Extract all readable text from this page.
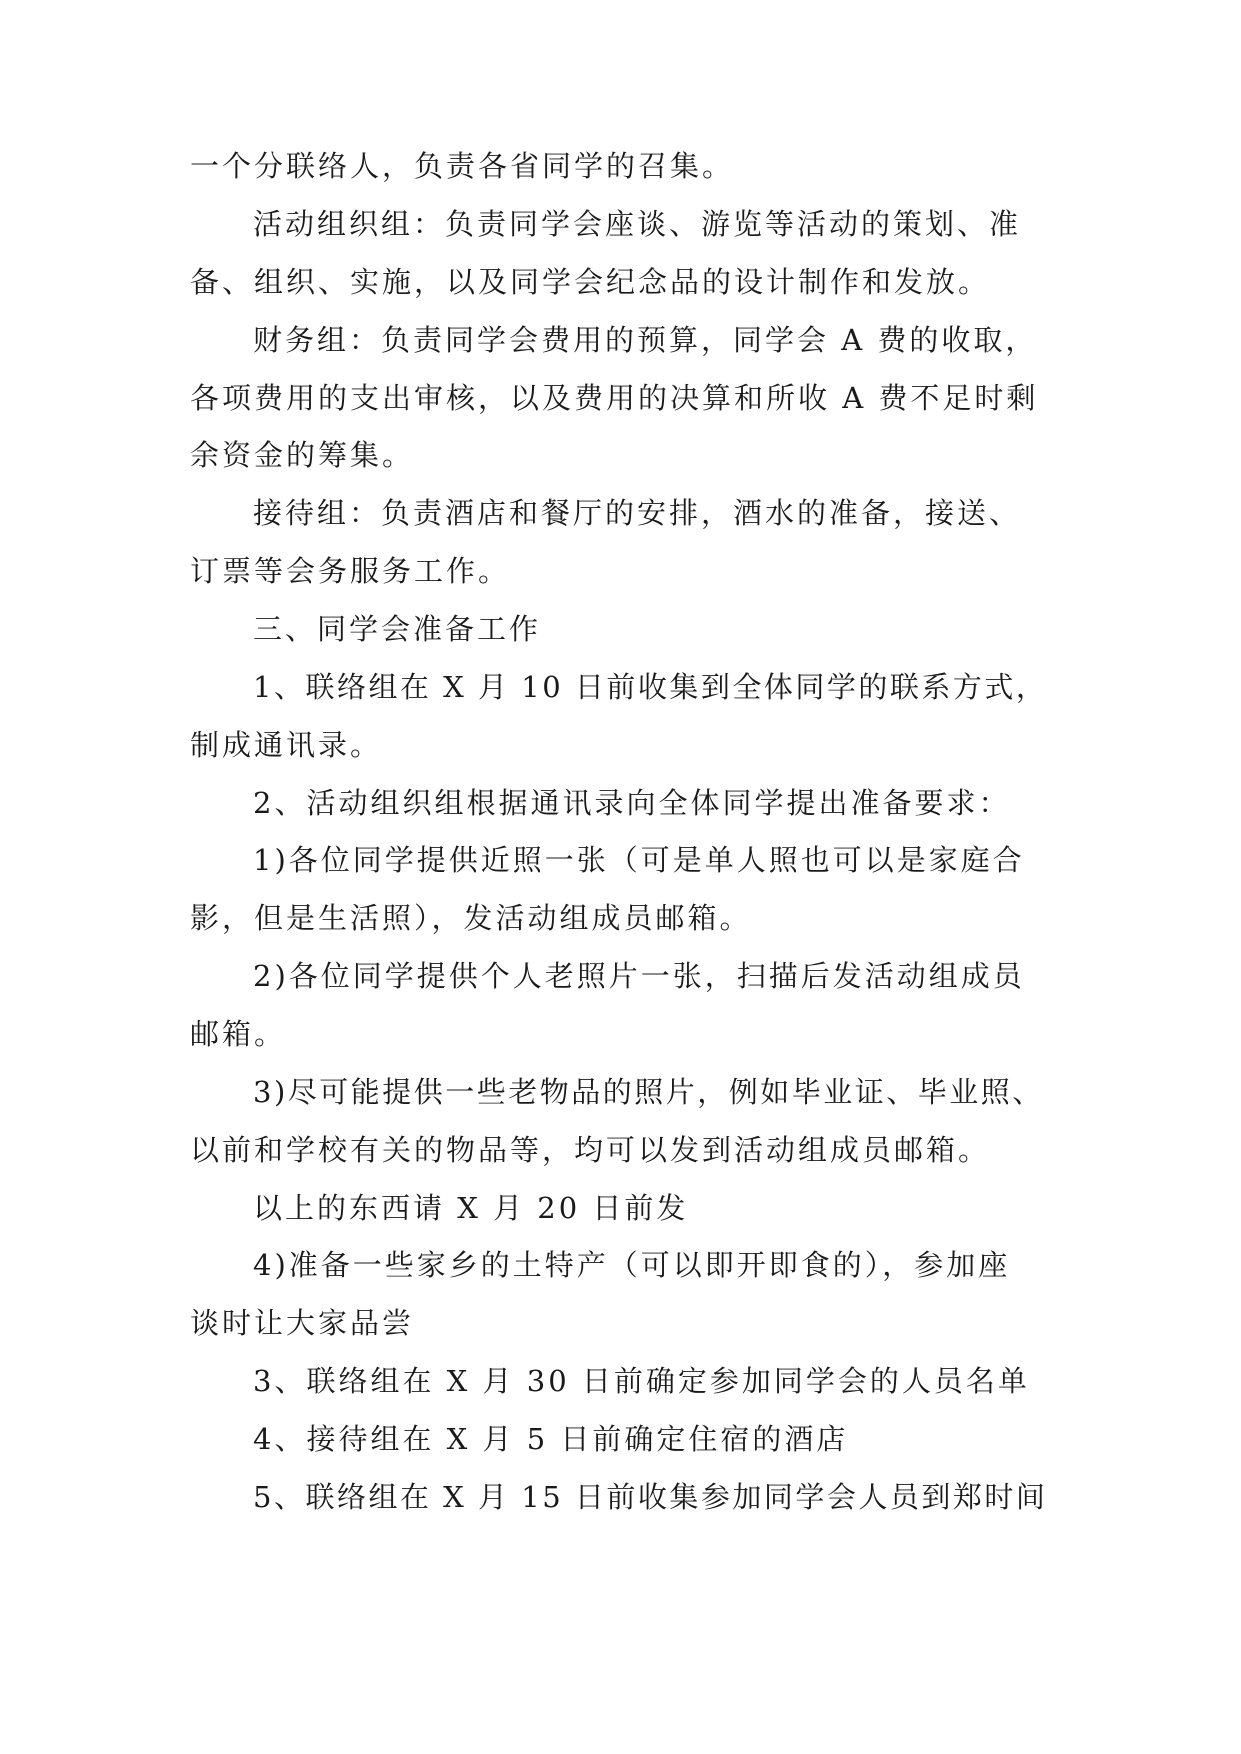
一个分联络人，负责各省同学的召集。
活动组织组：负责同学会座谈、游览等活动的策划、准
备、组织、实施，以及同学会纪念品的设计制作和发放。
财务组：负责同学会费用的预算，同学会 A 费的收取，
各项费用的支出审核，以及费用的决算和所收 A 费不足时剩
余资金的筹集。
接待组：负责酒店和餐厅的安排，酒水的准备，接送、
订票等会务服务工作。
三、同学会准备工作
1、联络组在 X 月 10 日前收集到全体同学的联系方式，
制成通讯录。
2、活动组织组根据通讯录向全体同学提出准备要求：
1)各位同学提供近照一张（可是单人照也可以是家庭合
影，但是生活照），发活动组成员邮箱。
2)各位同学提供个人老照片一张，扫描后发活动组成员
邮箱。
3)尽可能提供一些老物品的照片，例如毕业证、毕业照、
以前和学校有关的物品等，均可以发到活动组成员邮箱。
以上的东西请 X 月 20 日前发
4)准备一些家乡的土特产（可以即开即食的），参加座
谈时让大家品尝
3、联络组在 X 月 30 日前确定参加同学会的人员名单
4、接待组在 X 月 5 日前确定住宿的酒店
5、联络组在 X 月 15 日前收集参加同学会人员到郑时间
